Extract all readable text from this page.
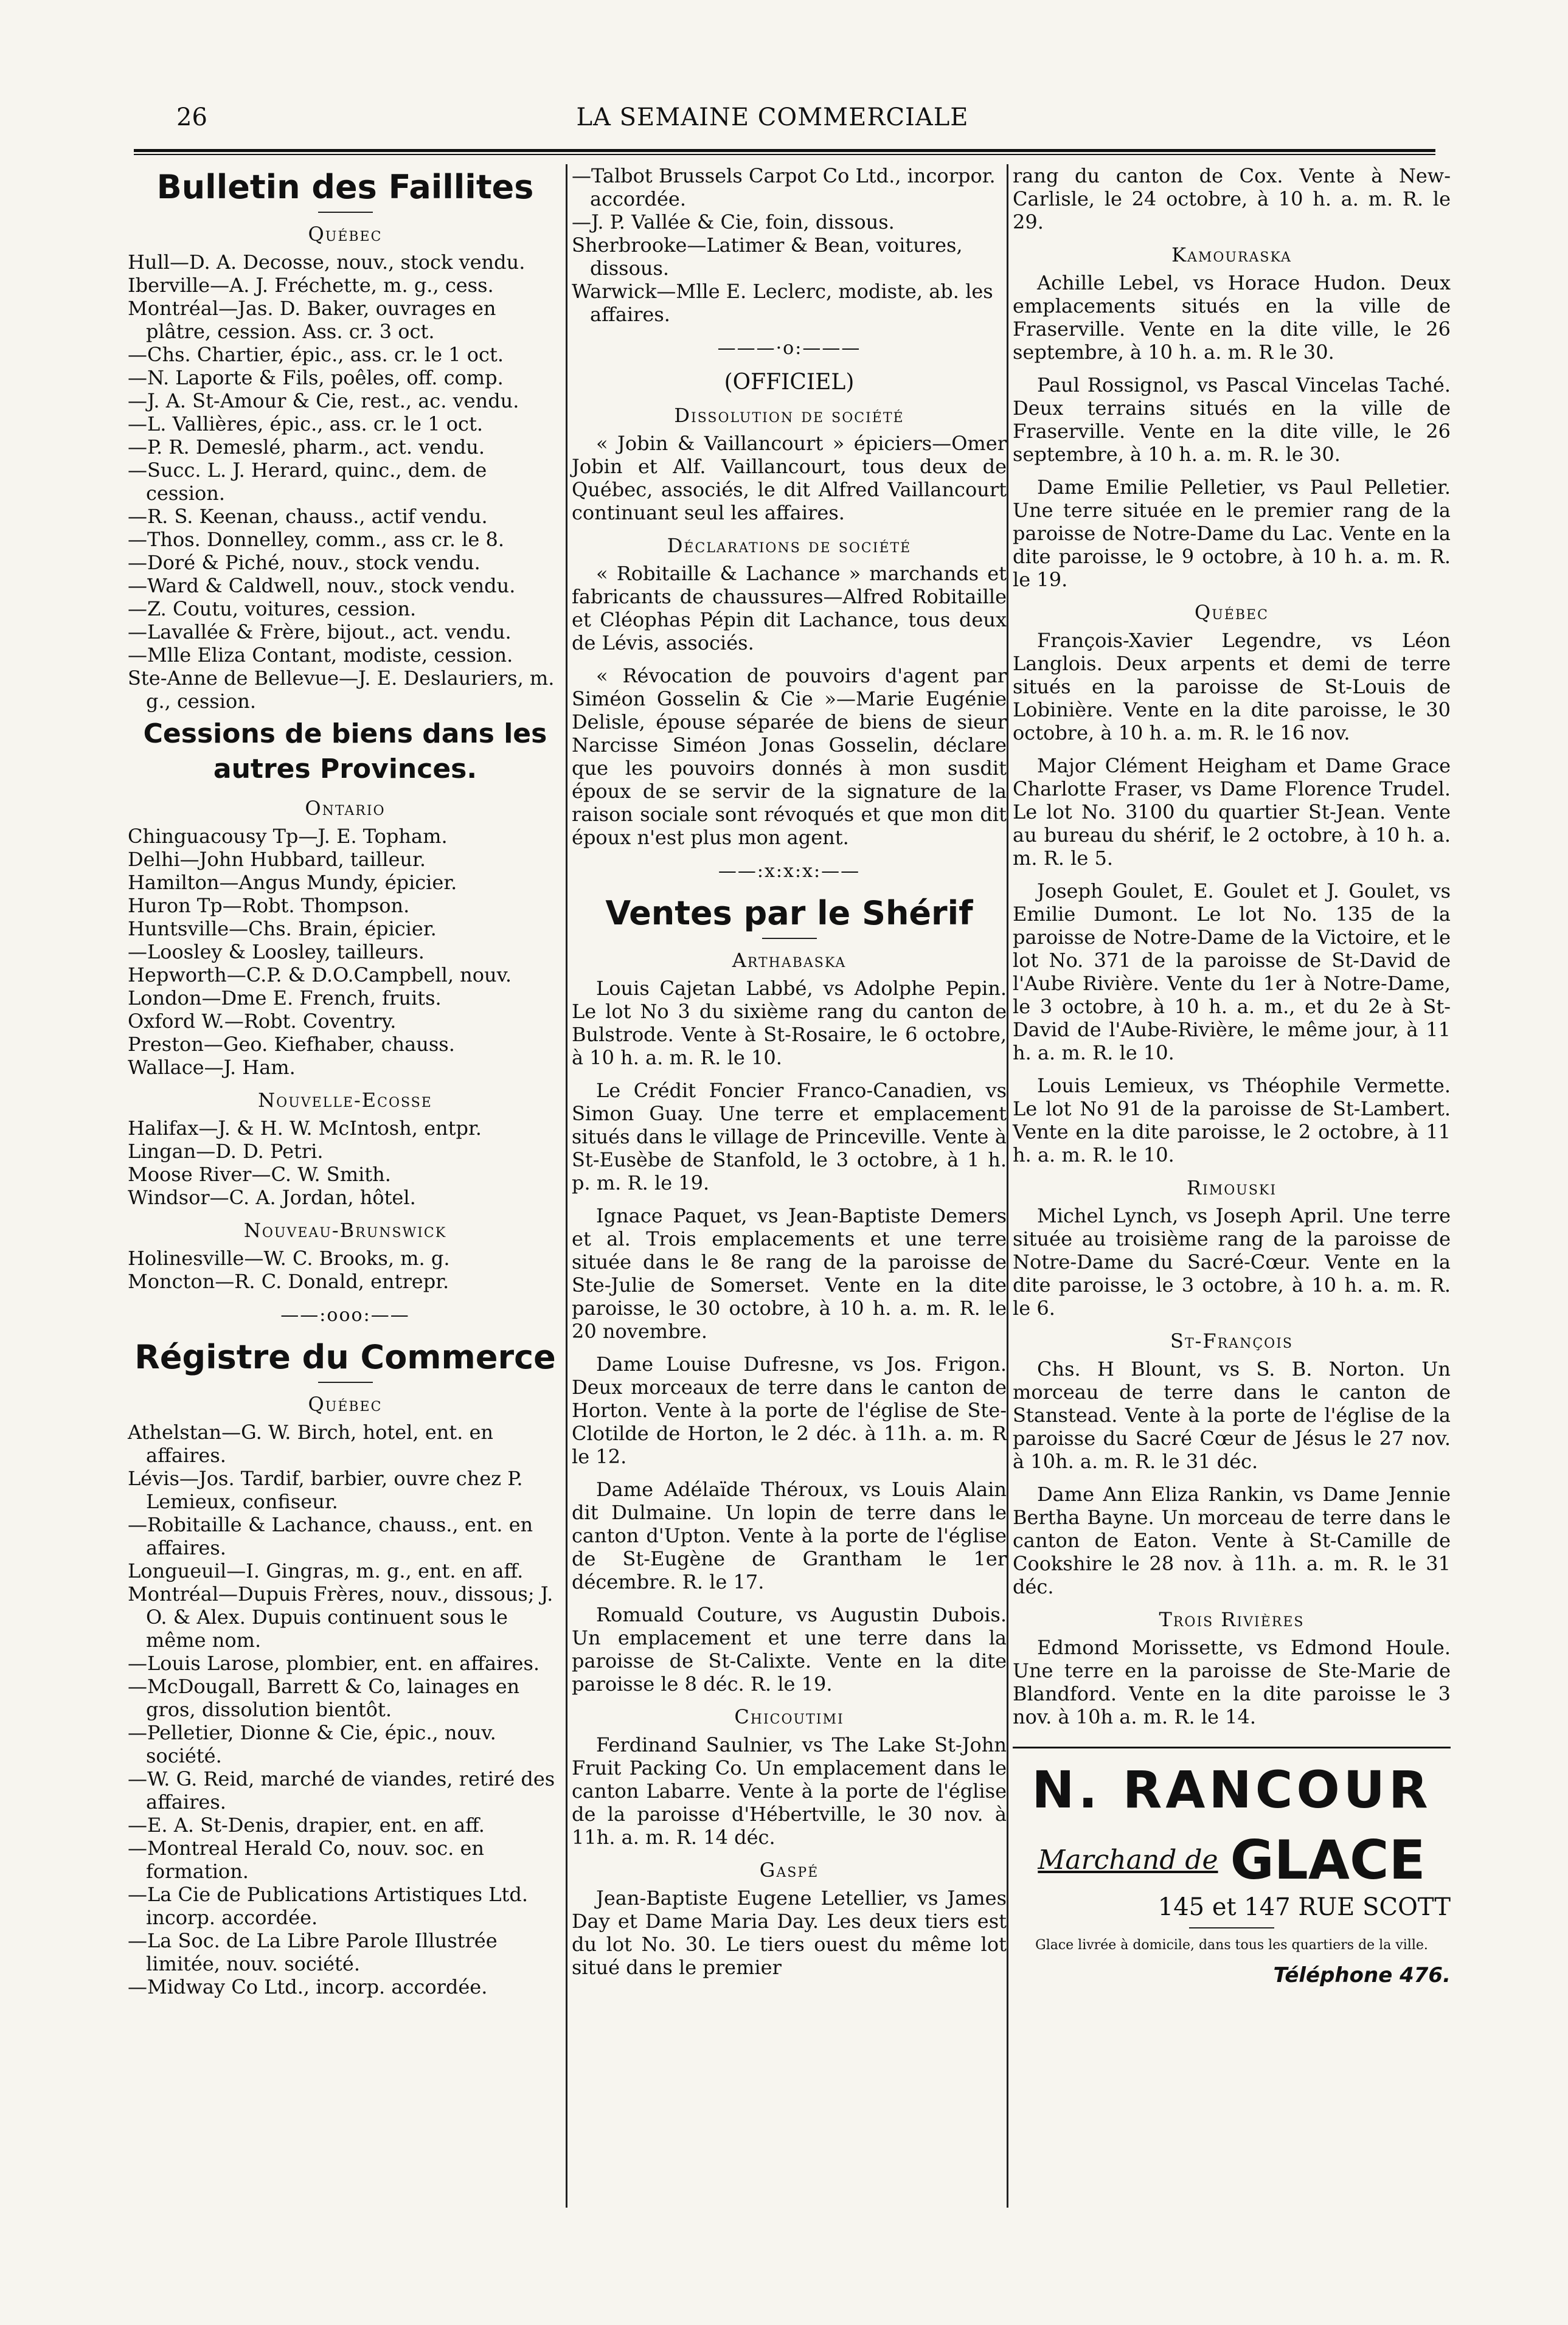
26	LA SEMAINE COMMERCIALE
Bulletin des Faillites
Québec
Hull—D. A. Decosse, nouv., stock vendu.
Iberville—A. J. Fréchette, m. g., cess.
Montréal—Jas. D. Baker, ouvrages en plâtre, cession. Ass. cr. 3 oct.
—Chs. Chartier, épic., ass. cr. le 1 oct.
—N. Laporte & Fils, poêles, off. comp.
—J. A. St-Amour & Cie, rest., ac. vendu.
—L. Vallières, épic., ass. cr. le 1 oct.
—P. R. Demeslé, pharm., act. vendu.
—Succ. L. J. Herard, quinc., dem. de cession.
—R. S. Keenan, chauss., actif vendu.
—Thos. Donnelley, comm., ass cr. le 8.
—Doré & Piché, nouv., stock vendu.
—Ward & Caldwell, nouv., stock vendu.
—Z. Coutu, voitures, cession.
—Lavallée & Frère, bijout., act. vendu.
—Mlle Eliza Contant, modiste, cession.
Ste-Anne de Bellevue—J. E. Deslauriers, m. g., cession.
Cessions de biens dans les autres Provinces.
Ontario
Chinguacousy Tp—J. E. Topham.
Delhi—John Hubbard, tailleur.
Hamilton—Angus Mundy, épicier.
Huron Tp—Robt. Thompson.
Huntsville—Chs. Brain, épicier.
—Loosley & Loosley, tailleurs.
Hepworth—C.P. & D.O.Campbell, nouv.
London—Dme E. French, fruits.
Oxford W.—Robt. Coventry.
Preston—Geo. Kiefhaber, chauss.
Wallace—J. Ham.
Nouvelle-Ecosse
Halifax—J. & H. W. McIntosh, entpr.
Lingan—D. D. Petri.
Moose River—C. W. Smith.
Windsor—C. A. Jordan, hôtel.
Nouveau-Brunswick
Holinesville—W. C. Brooks, m. g.
Moncton—R. C. Donald, entrepr.
——:ooo:——
Régistre du Commerce
Québec
Athelstan—G. W. Birch, hotel, ent. en affaires.
Lévis—Jos. Tardif, barbier, ouvre chez P. Lemieux, confiseur.
—Robitaille & Lachance, chauss., ent. en affaires.
Longueuil—I. Gingras, m. g., ent. en aff.
Montréal—Dupuis Frères, nouv., dissous; J. O. & Alex. Dupuis continuent sous le même nom.
—Louis Larose, plombier, ent. en affaires.
—McDougall, Barrett & Co, lainages en gros, dissolution bientôt.
—Pelletier, Dionne & Cie, épic., nouv. société.
—W. G. Reid, marché de viandes, retiré des affaires.
—E. A. St-Denis, drapier, ent. en aff.
—Montreal Herald Co, nouv. soc. en formation.
—La Cie de Publications Artistiques Ltd. incorp. accordée.
—La Soc. de La Libre Parole Illustrée limitée, nouv. société.
—Midway Co Ltd., incorp. accordée.
—Talbot Brussels Carpot Co Ltd., incorpor. accordée.
—J. P. Vallée & Cie, foin, dissous.
Sherbrooke—Latimer & Bean, voitures, dissous.
Warwick—Mlle E. Leclerc, modiste, ab. les affaires.
———·o:———
(OFFICIEL)
Dissolution de société
« Jobin & Vaillancourt » épiciers—Omer Jobin et Alf. Vaillancourt, tous deux de Québec, associés, le dit Alfred Vaillancourt continuant seul les affaires.
Déclarations de société
« Robitaille & Lachance » marchands et fabricants de chaussures—Alfred Robitaille et Cléophas Pépin dit Lachance, tous deux de Lévis, associés.
« Révocation de pouvoirs d'agent par Siméon Gosselin & Cie »—Marie Eugénie Delisle, épouse séparée de biens de sieur Narcisse Siméon Jonas Gosselin, déclare que les pouvoirs donnés à mon susdit époux de se servir de la signature de la raison sociale sont révoqués et que mon dit époux n'est plus mon agent.
——:x:x:x:——
Ventes par le Shérif
Arthabaska
Louis Cajetan Labbé, vs Adolphe Pepin. Le lot No 3 du sixième rang du canton de Bulstrode. Vente à St-Rosaire, le 6 octobre, à 10 h. a. m. R. le 10.
Le Crédit Foncier Franco-Canadien, vs Simon Guay. Une terre et emplacement situés dans le village de Princeville. Vente à St-Eusèbe de Stanfold, le 3 octobre, à 1 h. p. m. R. le 19.
Ignace Paquet, vs Jean-Baptiste Demers et al. Trois emplacements et une terre située dans le 8e rang de la paroisse de Ste-Julie de Somerset. Vente en la dite paroisse, le 30 octobre, à 10 h. a. m. R. le 20 novembre.
Dame Louise Dufresne, vs Jos. Frigon. Deux morceaux de terre dans le canton de Horton. Vente à la porte de l'église de Ste-Clotilde de Horton, le 2 déc. à 11h. a. m. R le 12.
Dame Adélaïde Théroux, vs Louis Alain dit Dulmaine. Un lopin de terre dans le canton d'Upton. Vente à la porte de l'église de St-Eugène de Grantham le 1er décembre. R. le 17.
Romuald Couture, vs Augustin Dubois. Un emplacement et une terre dans la paroisse de St-Calixte. Vente en la dite paroisse le 8 déc. R. le 19.
Chicoutimi
Ferdinand Saulnier, vs The Lake St-John Fruit Packing Co. Un emplacement dans le canton Labarre. Vente à la porte de l'église de la paroisse d'Hébertville, le 30 nov. à 11h. a. m. R. 14 déc.
Gaspé
Jean-Baptiste Eugene Letellier, vs James Day et Dame Maria Day. Les deux tiers est du lot No. 30. Le tiers ouest du même lot situé dans le premier
rang du canton de Cox. Vente à New-Carlisle, le 24 octobre, à 10 h. a. m. R. le 29.
Kamouraska
Achille Lebel, vs Horace Hudon. Deux emplacements situés en la ville de Fraserville. Vente en la dite ville, le 26 septembre, à 10 h. a. m. R le 30.
Paul Rossignol, vs Pascal Vincelas Taché. Deux terrains situés en la ville de Fraserville. Vente en la dite ville, le 26 septembre, à 10 h. a. m. R. le 30.
Dame Emilie Pelletier, vs Paul Pelletier. Une terre située en le premier rang de la paroisse de Notre-Dame du Lac. Vente en la dite paroisse, le 9 octobre, à 10 h. a. m. R. le 19.
Québec
François-Xavier Legendre, vs Léon Langlois. Deux arpents et demi de terre situés en la paroisse de St-Louis de Lobinière. Vente en la dite paroisse, le 30 octobre, à 10 h. a. m. R. le 16 nov.
Major Clément Heigham et Dame Grace Charlotte Fraser, vs Dame Florence Trudel. Le lot No. 3100 du quartier St-Jean. Vente au bureau du shérif, le 2 octobre, à 10 h. a. m. R. le 5.
Joseph Goulet, E. Goulet et J. Goulet, vs Emilie Dumont. Le lot No. 135 de la paroisse de Notre-Dame de la Victoire, et le lot No. 371 de la paroisse de St-David de l'Aube Rivière. Vente du 1er à Notre-Dame, le 3 octobre, à 10 h. a. m., et du 2e à St-David de l'Aube-Rivière, le même jour, à 11 h. a. m. R. le 10.
Louis Lemieux, vs Théophile Vermette. Le lot No 91 de la paroisse de St-Lambert. Vente en la dite paroisse, le 2 octobre, à 11 h. a. m. R. le 10.
Rimouski
Michel Lynch, vs Joseph April. Une terre située au troisième rang de la paroisse de Notre-Dame du Sacré-Cœur. Vente en la dite paroisse, le 3 octobre, à 10 h. a. m. R. le 6.
St-François
Chs. H Blount, vs S. B. Norton. Un morceau de terre dans le canton de Stanstead. Vente à la porte de l'église de la paroisse du Sacré Cœur de Jésus le 27 nov. à 10h. a. m. R. le 31 déc.
Dame Ann Eliza Rankin, vs Dame Jennie Bertha Bayne. Un morceau de terre dans le canton de Eaton. Vente à St-Camille de Cookshire le 28 nov. à 11h. a. m. R. le 31 déc.
Trois Rivières
Edmond Morissette, vs Edmond Houle. Une terre en la paroisse de Ste-Marie de Blandford. Vente en la dite paroisse le 3 nov. à 10h a. m. R. le 14.
N. RANCOUR
Marchand de GLACE
145 et 147 RUE SCOTT
Glace livrée à domicile, dans tous les quartiers de la ville.
Téléphone 476.
